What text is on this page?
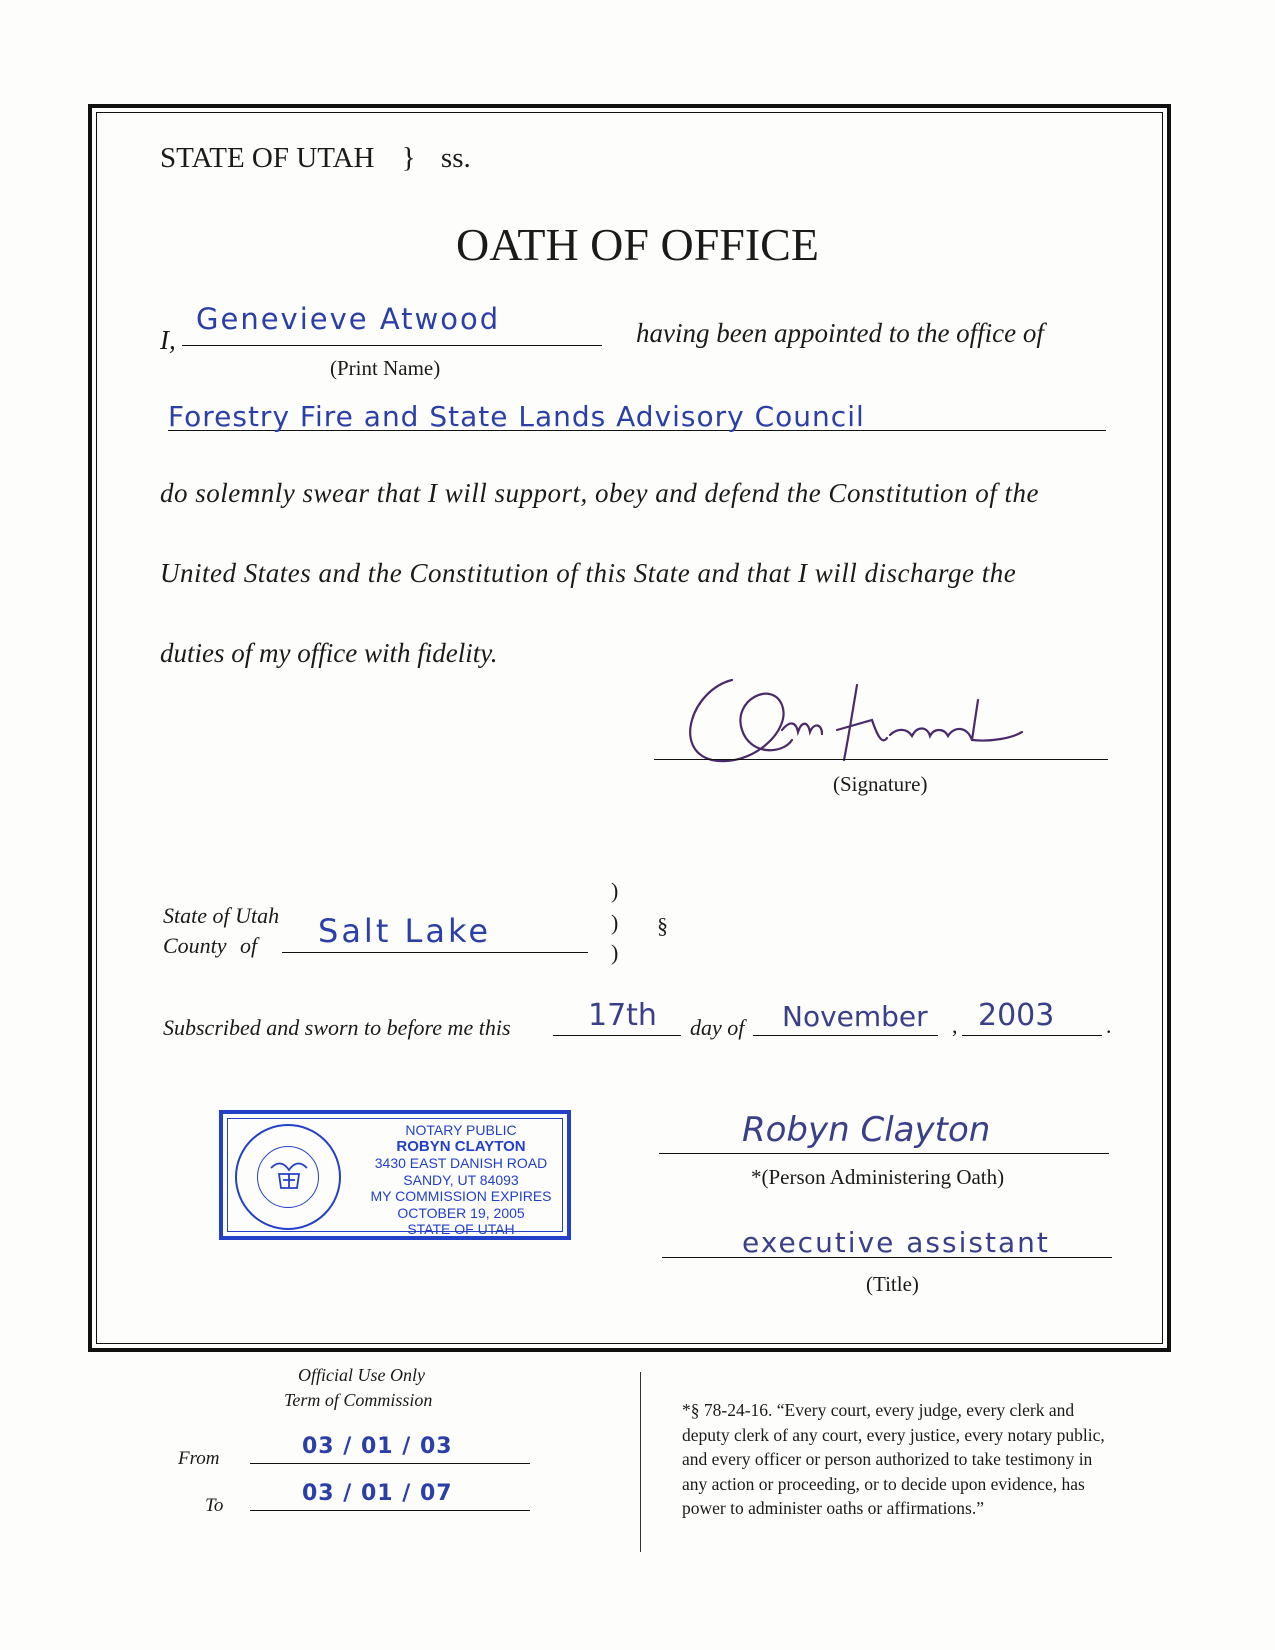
STATE OF UTAH } ss.
OATH OF OFFICE
I,
Genevieve Atwood
(Print Name)
having been appointed to the office of
Forestry Fire and State Lands Advisory Council
do solemnly swear that I will support, obey and defend the Constitution of the
United States and the Constitution of this State and that I will discharge the
duties of my office with fidelity.
(Signature)
State of Utah
County of Salt Lake
)
)
)
§
Subscribed and sworn to before me this	17th day of November , 2003 .
NOTARY PUBLIC
ROBYN CLAYTON
3430 EAST DANISH ROAD
SANDY, UT 84093
MY COMMISSION EXPIRES
OCTOBER 19, 2005
STATE OF UTAH
Robyn Clayton
*(Person Administering Oath)
executive assistant
(Title)
Official Use Only
Term of Commission
From	03 / 01 / 03
To	03 / 01 / 07
*§ 78-24-16. “Every court, every judge, every clerk and
deputy clerk of any court, every justice, every notary public,
and every officer or person authorized to take testimony in
any action or proceeding, or to decide upon evidence, has
power to administer oaths or affirmations.”
